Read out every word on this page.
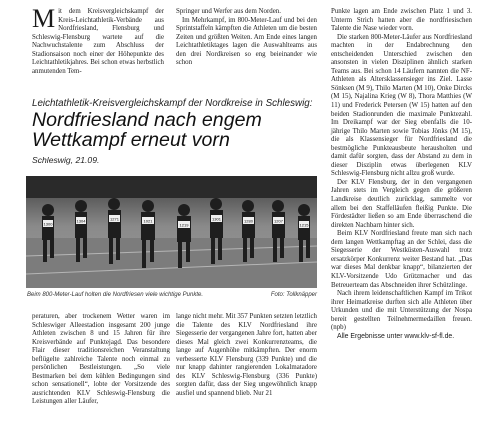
Mit dem Kreisvergleichskampf der Kreis-Leichtathletik-Verbände aus Nordfriesland, Flensburg und Schleswig-Flensburg wartete auf die Nachwuchstalente zum Abschluss der Stadionsaison noch einer der Höhepunkte des Leichtathletikjahres. Bei schon etwas herbstlich anmutenden Tem-

Springer und Werfer aus dem Norden.

Im Mehrkampf, im 800-Meter-Lauf und bei den Sprintstaffeln kämpften die Athleten um die besten Zeiten und größten Weiten. Am Ende eines langen Leichtathletiktages lagen die Auswahlteams aus den drei Nordkreisen so eng beieinander wie schon

Leichtathletik-Kreisvergleichskampf der Nordkreise in Schleswig:
Nordfriesland nach engem Wettkampf erneut vorn
Schleswig, 21.09.
1300
1304	1271	1021
1219
1301	1280	1207
1215
Beim 800-Meter-Lauf holten die Nordfriesen viele wichtige Punkte.	Foto: Tollknäpper

peraturen, aber trockenem Wetter waren im Schleswiger Alleestadion insgesamt 200 junge Athleten zwischen 8 und 15 Jahren für ihre Kreisverbände auf Punktejagd. Das besondere Flair dieser traditionsreichen Veranstaltung beflügelte zahlreiche Talente noch einmal zu persönlichen Bestleistungen. „So viele Bestmarken bei dem kühlen Bedingungen sind schon sensationell“, lobte der Vorsitzende des ausrichtenden KLV Schleswig-Flensburg die Leistungen aller Läufer,

lange nicht mehr. Mit 357 Punkten setzten letztlich die Talente des KLV Nordfriesland ihre Siegesserie der vergangenen Jahre fort, hatten aber dieses Mal gleich zwei Konkurrenzteams, die lange auf Augenhöhe mitkämpften. Der enorm verbesserte KLV Flensburg (339 Punkte) und die nur knapp dahinter rangierenden Lokalmatadore des KLV Schleswig-Flensburg (336 Punkte) sorgten dafür, dass der Sieg ungewöhnlich knapp ausfiel und spannend blieb. Nur 21

Punkte lagen am Ende zwischen Platz 1 und 3. Unterm Strich hatten aber die nordfriesischen Talente die Nase wieder vorn.

Die starken 800-Meter-Läufer aus Nordfriesland machten in der Endabrechnung den entscheidenden Unterschied zwischen den ansonsten in vielen Disziplinen ähnlich starken Teams aus. Bei schon 14 Läufern nannten die NF-Athleten als Altersklassensieger ins Ziel. Lasse Sönksen (M 9), Thilo Marten (M 10), Onke Dircks (M 15), Najalina Krieg (W 8), Thora Matthies (W 11) und Frederick Petersen (W 15) hatten auf den beiden Stadionrunden die maximale Punktezahl. Im Dreikampf war der Sieg ebenfalls die 10-jährige Thilo Marten sowie Tobias Jönks (M 15), die als Klassensieger für Nordfriesland die bestmögliche Punkteausbeute herausholten und damit dafür sorgten, dass der Abstand zu dem in dieser Disziplin etwas überlegenen KLV Schleswig-Flensburg nicht allzu groß wurde.

Der KLV Flensburg, der in den vergangenen Jahren stets im Vergleich gegen die größeren Landkreise deutlich zurücklag, sammelte vor allem bei den Staffelläufen fleißig Punkte. Die Fördestädter ließen so am Ende überraschend die direkten Nachbarn hinter sich.

Beim KLV Nordfriesland freute man sich nach dem langen Wettkampftag an der Schlei, dass die Siegesserie der Westküsten-Auswahl trotz ersatzkörper Konkurrenz weiter Bestand hat. „Das war dieses Mal denkbar knapp“, bilanzierten der KLV-Vorsitzende Udo Grützmacher und das Betreuerteam das Abschneiden ihrer Schützlinge.

Nach ihrem leidenschaftlichen Kampf im Trikot ihrer Heimatkreise durften sich alle Athleten über Urkunden und die mit Unterstützung der Nospa bereit gestellten Teilnehmermedaillen freuen. (npb)

Alle Ergebnisse unter www.klv-sf-fl.de.
